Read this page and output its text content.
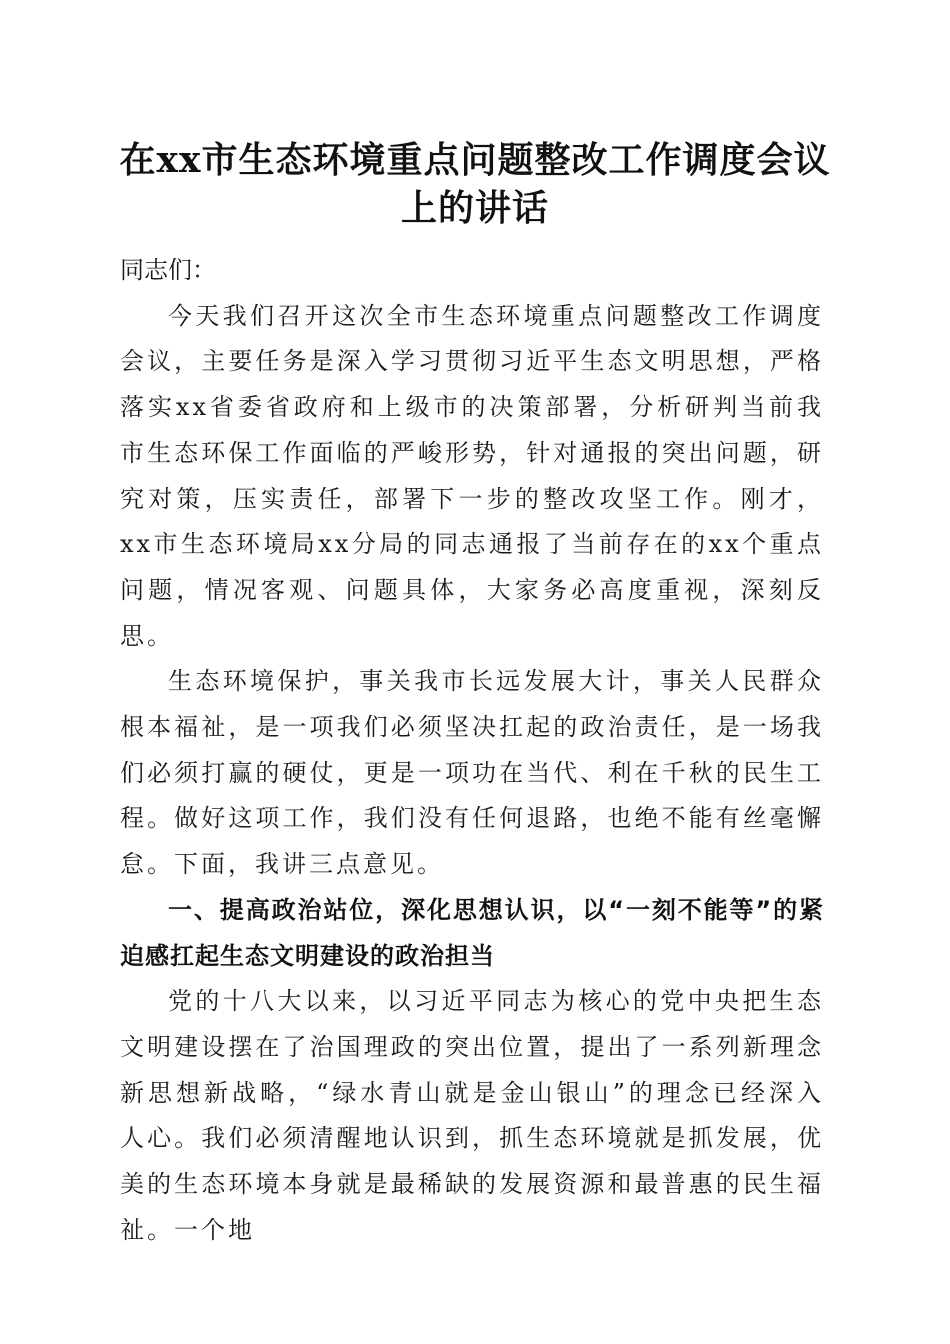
在xx市生态环境重点问题整改工作调度会议
上的讲话

同志们：

今天我们召开这次全市生态环境重点问题整改工作调度会议，主要任务是深入学习贯彻习近平生态文明思想，严格落实xx省委省政府和上级市的决策部署，分析研判当前我市生态环保工作面临的严峻形势，针对通报的突出问题，研究对策，压实责任，部署下一步的整改攻坚工作。刚才，xx市生态环境局xx分局的同志通报了当前存在的xx个重点问题，情况客观、问题具体，大家务必高度重视，深刻反思。

生态环境保护，事关我市长远发展大计，事关人民群众根本福祉，是一项我们必须坚决扛起的政治责任，是一场我们必须打赢的硬仗，更是一项功在当代、利在千秋的民生工程。做好这项工作，我们没有任何退路，也绝不能有丝毫懈怠。下面，我讲三点意见。

一、提高政治站位，深化思想认识，以“一刻不能等”的紧迫感扛起生态文明建设的政治担当

党的十八大以来，以习近平同志为核心的党中央把生态文明建设摆在了治国理政的突出位置，提出了一系列新理念新思想新战略，“绿水青山就是金山银山”的理念已经深入人心。我们必须清醒地认识到，抓生态环境就是抓发展，优美的生态环境本身就是最稀缺的发展资源和最普惠的民生福祉。一个地
